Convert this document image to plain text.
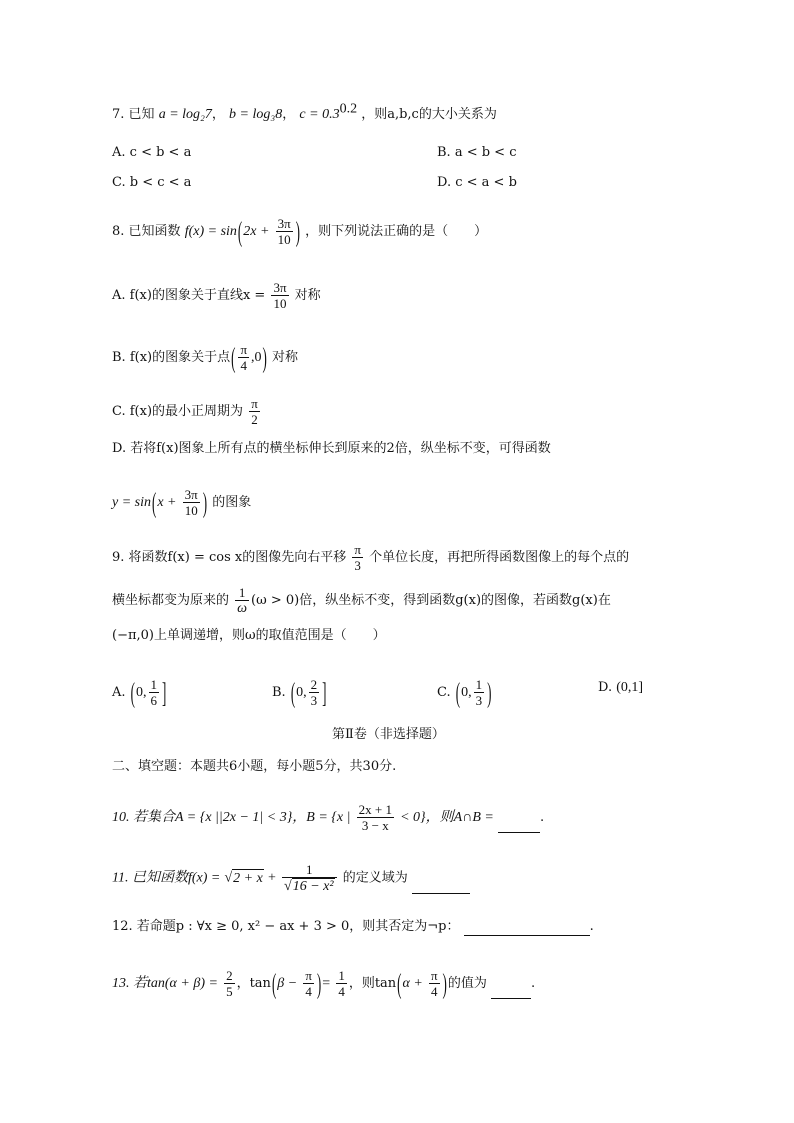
7. 已知 a = log₂7， b = log₃8， $c = 0.3^{0.2}$ ，则a,b,c的大小关系为
A. c < b < a	B. a < b < c
C. b < c < a	D. c < a < b
8. 已知函数 $f(x) = \sin(2x + \frac{3\pi}{10}$ ) ，则下列说法正确的是（　　）
A. f(x)的图象关于直线$x = \frac{3\pi}{10}$ 对称
B. f(x)的图象关于点( $\frac{\pi}{4} ,0$) 对称
C. f(x)的最小正周期为 $\frac{\pi}{2}$
D. 若将f(x)图象上所有点的横坐标伸长到原来的2倍，纵坐标不变，可得函数
$y = \sin(x + \frac{3\pi}{10}$ ) 的图象
9. 将函数f(x) = cos x的图像先向右平移 $\frac{\pi}{3}$ 个单位长度，再把所得函数图像上的每个点的
横坐标都变为原来的 $\frac{1}{\omega} (\omega > 0)$倍，纵坐标不变，得到函数g(x)的图像，若函数g(x)在
(−π,0)上单调递增，则ω的取值范围是（　　）
A. (0, $\frac{1}{6}$ ]	B. (0, $\frac{2}{3}$ ]	C. (0, $\frac{1}{3}$ )	D. (0,1]
第Ⅱ卷（非选择题）
二、填空题：本题共6小题，每小题5分，共30分.
10. 若集合A = {x ||2x − 1| < 3}，B = {x | $\frac{2x + 1}{3 - x} < 0$}，则A∩B =	.
11. 已知函数$f(x) = √2 + x + \frac{1}{\text{√16 − x²}}$ 的定义域为
12. 若命题p : ∀x ≥ 0, x² − ax + 3 > 0，则其否定为¬p：	.
13. 若$\tan(\alpha + \beta) = \frac{2}{5}$ ，$\tan(\beta - \frac{\pi}{4}$ )= $\frac{1}{4}$ ，则$\tan(\alpha + \frac{\pi}{4}$ )的值为	.
